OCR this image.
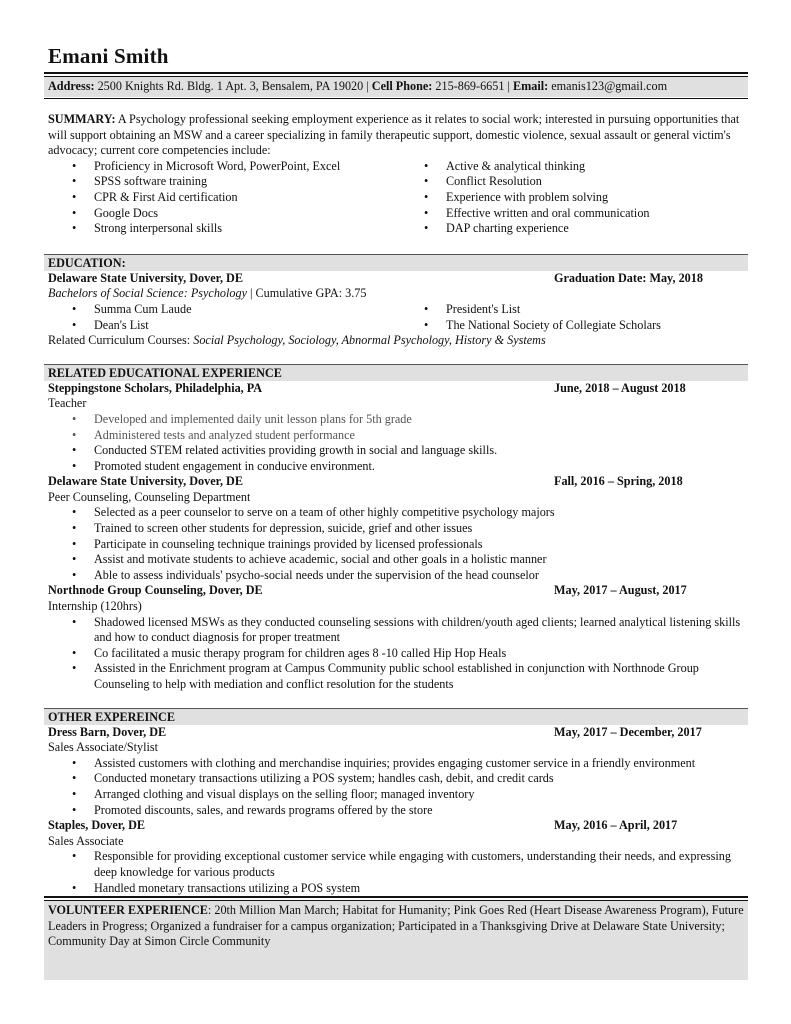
Emani Smith
Address: 2500 Knights Rd. Bldg. 1 Apt. 3, Bensalem, PA 19020 | Cell Phone: 215-869-6651 | Email: emanis123@gmail.com
SUMMARY: A Psychology professional seeking employment experience as it relates to social work; interested in pursuing opportunities that will support obtaining an MSW and a career specializing in family therapeutic support, domestic violence, sexual assault or general victim's advocacy; current core competencies include:
• Proficiency in Microsoft Word, PowerPoint, Excel
• SPSS software training
• CPR & First Aid certification
• Google Docs
• Strong interpersonal skills
• Active & analytical thinking
• Conflict Resolution
• Experience with problem solving
• Effective written and oral communication
• DAP charting experience
EDUCATION:
Delaware State University, Dover, DE	Graduation Date: May, 2018
Bachelors of Social Science: Psychology | Cumulative GPA: 3.75
• Summa Cum Laude
• Dean's List
• President's List
• The National Society of Collegiate Scholars
Related Curriculum Courses: Social Psychology, Sociology, Abnormal Psychology, History & Systems
RELATED EDUCATIONAL EXPERIENCE
Steppingstone Scholars, Philadelphia, PA	June, 2018 – August 2018
Teacher
• Developed and implemented daily unit lesson plans for 5th grade
• Administered tests and analyzed student performance
• Conducted STEM related activities providing growth in social and language skills.
• Promoted student engagement in conducive environment.
Delaware State University, Dover, DE	Fall, 2016 – Spring, 2018
Peer Counseling, Counseling Department
• Selected as a peer counselor to serve on a team of other highly competitive psychology majors
• Trained to screen other students for depression, suicide, grief and other issues
• Participate in counseling technique trainings provided by licensed professionals
• Assist and motivate students to achieve academic, social and other goals in a holistic manner
• Able to assess individuals' psycho-social needs under the supervision of the head counselor
Northnode Group Counseling, Dover, DE	May, 2017 – August, 2017
Internship (120hrs)
• Shadowed licensed MSWs as they conducted counseling sessions with children/youth aged clients; learned analytical listening skills and how to conduct diagnosis for proper treatment
• Co facilitated a music therapy program for children ages 8 -10 called Hip Hop Heals
• Assisted in the Enrichment program at Campus Community public school established in conjunction with Northnode Group Counseling to help with mediation and conflict resolution for the students
OTHER EXPEREINCE
Dress Barn, Dover, DE	May, 2017 – December, 2017
Sales Associate/Stylist
• Assisted customers with clothing and merchandise inquiries; provides engaging customer service in a friendly environment
• Conducted monetary transactions utilizing a POS system; handles cash, debit, and credit cards
• Arranged clothing and visual displays on the selling floor; managed inventory
• Promoted discounts, sales, and rewards programs offered by the store
Staples, Dover, DE	May, 2016 – April, 2017
Sales Associate
• Responsible for providing exceptional customer service while engaging with customers, understanding their needs, and expressing deep knowledge for various products
• Handled monetary transactions utilizing a POS system
VOLUNTEER EXPERIENCE: 20th Million Man March; Habitat for Humanity; Pink Goes Red (Heart Disease Awareness Program), Future Leaders in Progress; Organized a fundraiser for a campus organization; Participated in a Thanksgiving Drive at Delaware State University; Community Day at Simon Circle Community
